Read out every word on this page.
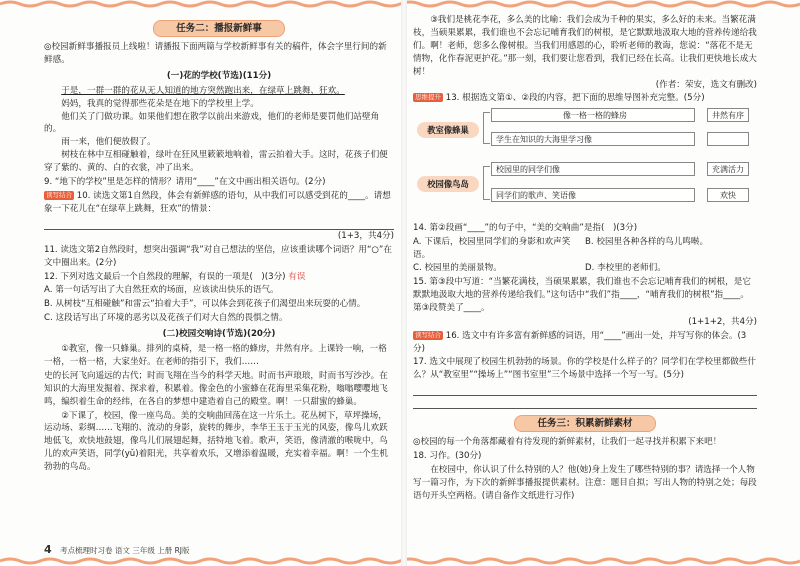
任务二：播报新鲜事

◎校园新鲜事播报员上线啦！请播报下面两篇与学校新鲜事有关的稿件，体会字里行间的新鲜感。

(一)花的学校(节选)(11分)

于是，一群一群的花从无人知道的地方突然跑出来，在绿草上跳舞、狂欢。

妈妈，我真的觉得那些花朵是在地下的学校里上学。

他们关了门做功课。如果他们想在散学以前出来游戏，他们的老师是要罚他们站壁角的。

雨一来，他们便放假了。

树枝在林中互相碰触着，绿叶在狂风里簌簌地响着，雷云拍着大手。这时，花孩子们便穿了紫的、黄的、白的衣裳，冲了出来。

9. “地下的学校”里是怎样的情形？请用“____”在文中画出相关语句。(2分)

读写结合 10. 读选文第1自然段，体会有新鲜感的语句，从中我们可以感受到花的____。请想象一下花儿在“在绿草上跳舞，狂欢”的情景：

(1+3，共4分)

11. 读选文第2自然段时，想突出强调“我”对自己想法的坚信，应该重读哪个词语？用“○”在文中圈出来。(2分)

12. 下列对选文最后一个自然段的理解，有误的一项是(　)(3分) 有误

A. 第一句话写出了大自然狂欢的场面，应该读出快乐的语气。

B. 从树枝“互相碰触”和雷云“拍着大手”，可以体会到花孩子们渴望出来玩耍的心情。

C. 这段话写出了环境的恶劣以及花孩子们对大自然的畏惧之情。

(二)校园交响诗(节选)(20分)

①教室，像一只蜂巢。排列的桌椅，是一格一格的蜂房，井然有序。上课铃一响，一格一格，一格一格，大家坐好。在老师的指引下，我们……

史的长河飞向遥远的古代；时而飞翔在当今的科学天地。时而书声琅琅，时而书写沙沙。在知识的大海里发掘着、探求着，积累着。像金色的小蜜蜂在花海里采集花粉，嗡嗡嘤嘤地飞鸣，编织着生命的经纬，在各自的梦想中建造着自己的殿堂。啊！一只甜蜜的蜂巢。

②下课了，校园，像一座鸟岛。美的交响曲回荡在这一片乐土。花丛树下，草坪操场，运动场、彩绸……飞翔的、流动的身影，旋转的舞步，李华王玉于玉光的风姿，像鸟儿欢跃地低飞，欢快地鼓翅，像鸟儿们展翅起舞，括特地飞着。歌声，笑语，像清澈的喉咙中，鸟儿的欢声笑语，同学(yǔ)着阳光，共享着欢乐，又增添着温暖，充实着幸福。啊！一个生机勃勃的鸟岛。

③我们是桃花李花，多么美的比喻：我们会成为千种的果实，多么好的未来。当繁花满枝，当硕果累累，我们谁也不会忘记哺育我们的树根，是它默默地汲取大地的营养传递给我们。啊！老师，您多么像树根。当我们用感恩的心，聆听老师的教诲，您说：“落花不是无情物，化作春泥更护花。”那一刻，我们要让您看到，我们已经在长高。让我们更快地长成大树！

(作者：荣安，选文有删改)

思维提升 13. 根据选文第①、②段的内容，把下面的思维导图补充完整。(5分)

教室像蜂巢
校园像鸟岛
像一格一格的蜂房
学生在知识的大海里学习像
校园里的同学们像
同学们的歌声、笑语像
井然有序
充满活力
欢快

14. 第②段画“____”的句子中，“美的交响曲”是指(　)(3分)

A. 下课后，校园里同学们的身影和欢声笑语。
B. 校园里各种各样的鸟儿鸣啭。
C. 校园里的美丽景物。	D. 李校里的老师们。

15. 第③段中写道：“当繁花满枝，当硕果累累，我们谁也不会忘记哺育我们的树根，是它默默地汲取大地的营养传递给我们。”这句话中“我们”指____，“哺育我们的树根”指____。第③段赞美了____。

(1+1+2，共4分)

读写结合 16. 选文中有许多富有新鲜感的词语，用“____”画出一处，并写写你的体会。(3分)

17. 选文中展现了校园生机勃勃的场景。你的学校是什么样子的？同学们在学校里都做些什么？从“教室里”“操场上”“图书室里”三个场景中选择一个写一写。(5分)

任务三：积累新鲜素材

◎校园的每一个角落都藏着有待发现的新鲜素材，让我们一起寻找并积累下来吧！

18. 习作。(30分)

在校园中，你认识了什么特别的人？他(她)身上发生了哪些特别的事？请选择一个人物写一篇习作，为下次的新鲜事播报提供素材。注意：题目自拟；写出人物的特别之处；每段语句开头空两格。(请自备作文纸进行习作)

4 考点梳理时习卷 语文 三年级 上册 RJ版
